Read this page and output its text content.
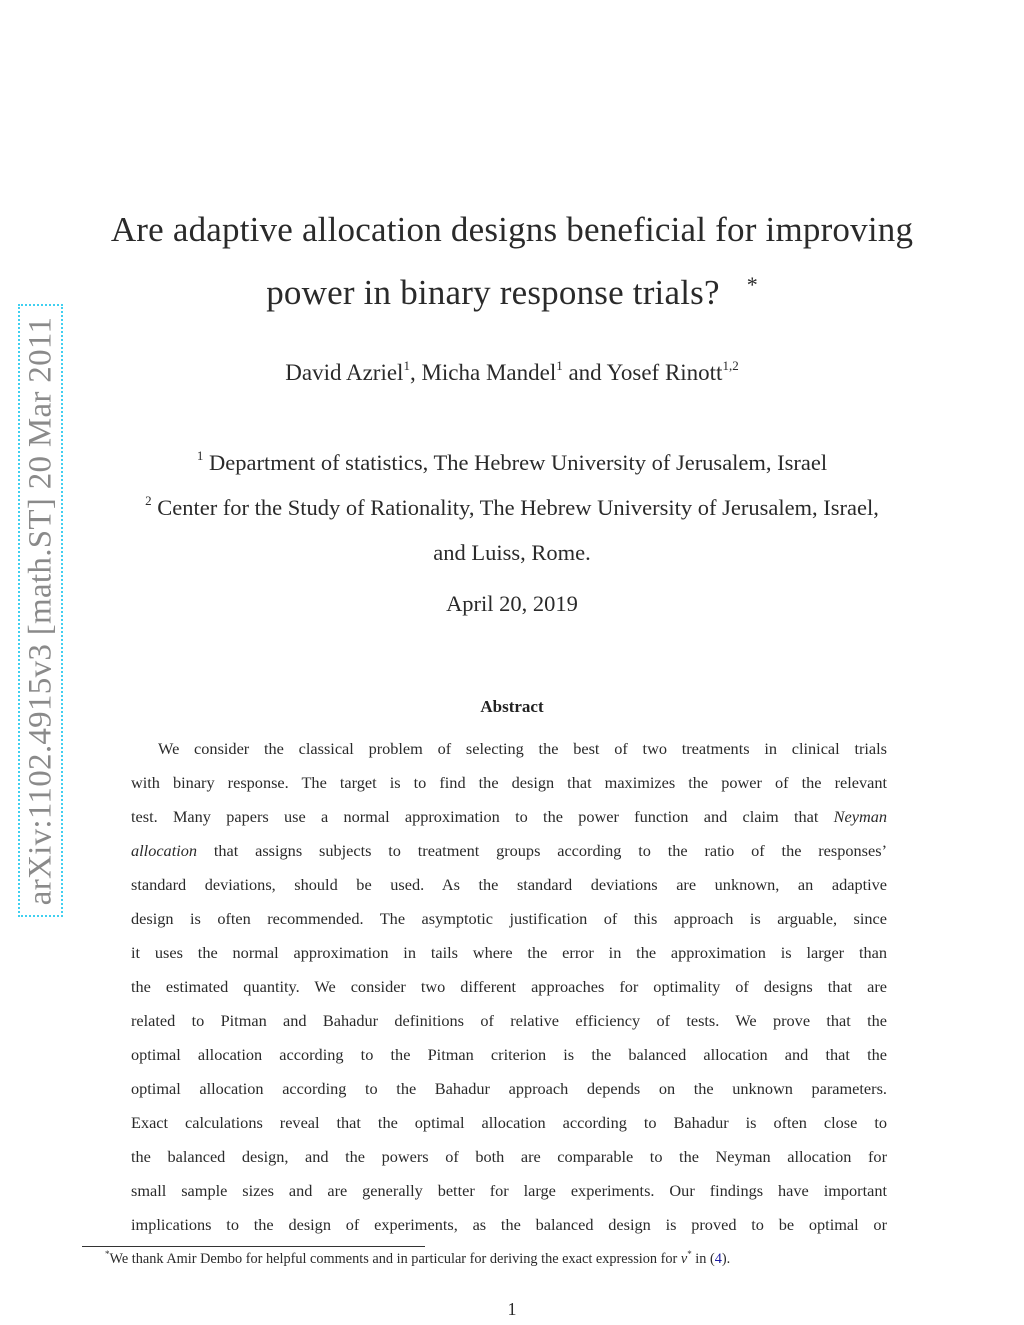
arXiv:1102.4915v3 [math.ST] 20 Mar 2011
Are adaptive allocation designs beneficial for improving
power in binary response trials? *
David Azriel$^1$, Micha Mandel$^1$ and Yosef Rinott$^{1,2}$
$^1$ Department of statistics, The Hebrew University of Jerusalem, Israel
$^2$ Center for the Study of Rationality, The Hebrew University of Jerusalem, Israel,
and Luiss, Rome.
April 20, 2019
Abstract
We consider the classical problem of selecting the best of two treatments in clinical trials
with binary response. The target is to find the design that maximizes the power of the relevant
test. Many papers use a normal approximation to the power function and claim that Neyman
allocation that assigns subjects to treatment groups according to the ratio of the responses’
standard deviations, should be used. As the standard deviations are unknown, an adaptive
design is often recommended. The asymptotic justification of this approach is arguable, since
it uses the normal approximation in tails where the error in the approximation is larger than
the estimated quantity. We consider two different approaches for optimality of designs that are
related to Pitman and Bahadur definitions of relative efficiency of tests. We prove that the
optimal allocation according to the Pitman criterion is the balanced allocation and that the
optimal allocation according to the Bahadur approach depends on the unknown parameters.
Exact calculations reveal that the optimal allocation according to Bahadur is often close to
the balanced design, and the powers of both are comparable to the Neyman allocation for
small sample sizes and are generally better for large experiments. Our findings have important
implications to the design of experiments, as the balanced design is proved to be optimal or
*We thank Amir Dembo for helpful comments and in particular for deriving the exact expression for ν* in (4).
1
